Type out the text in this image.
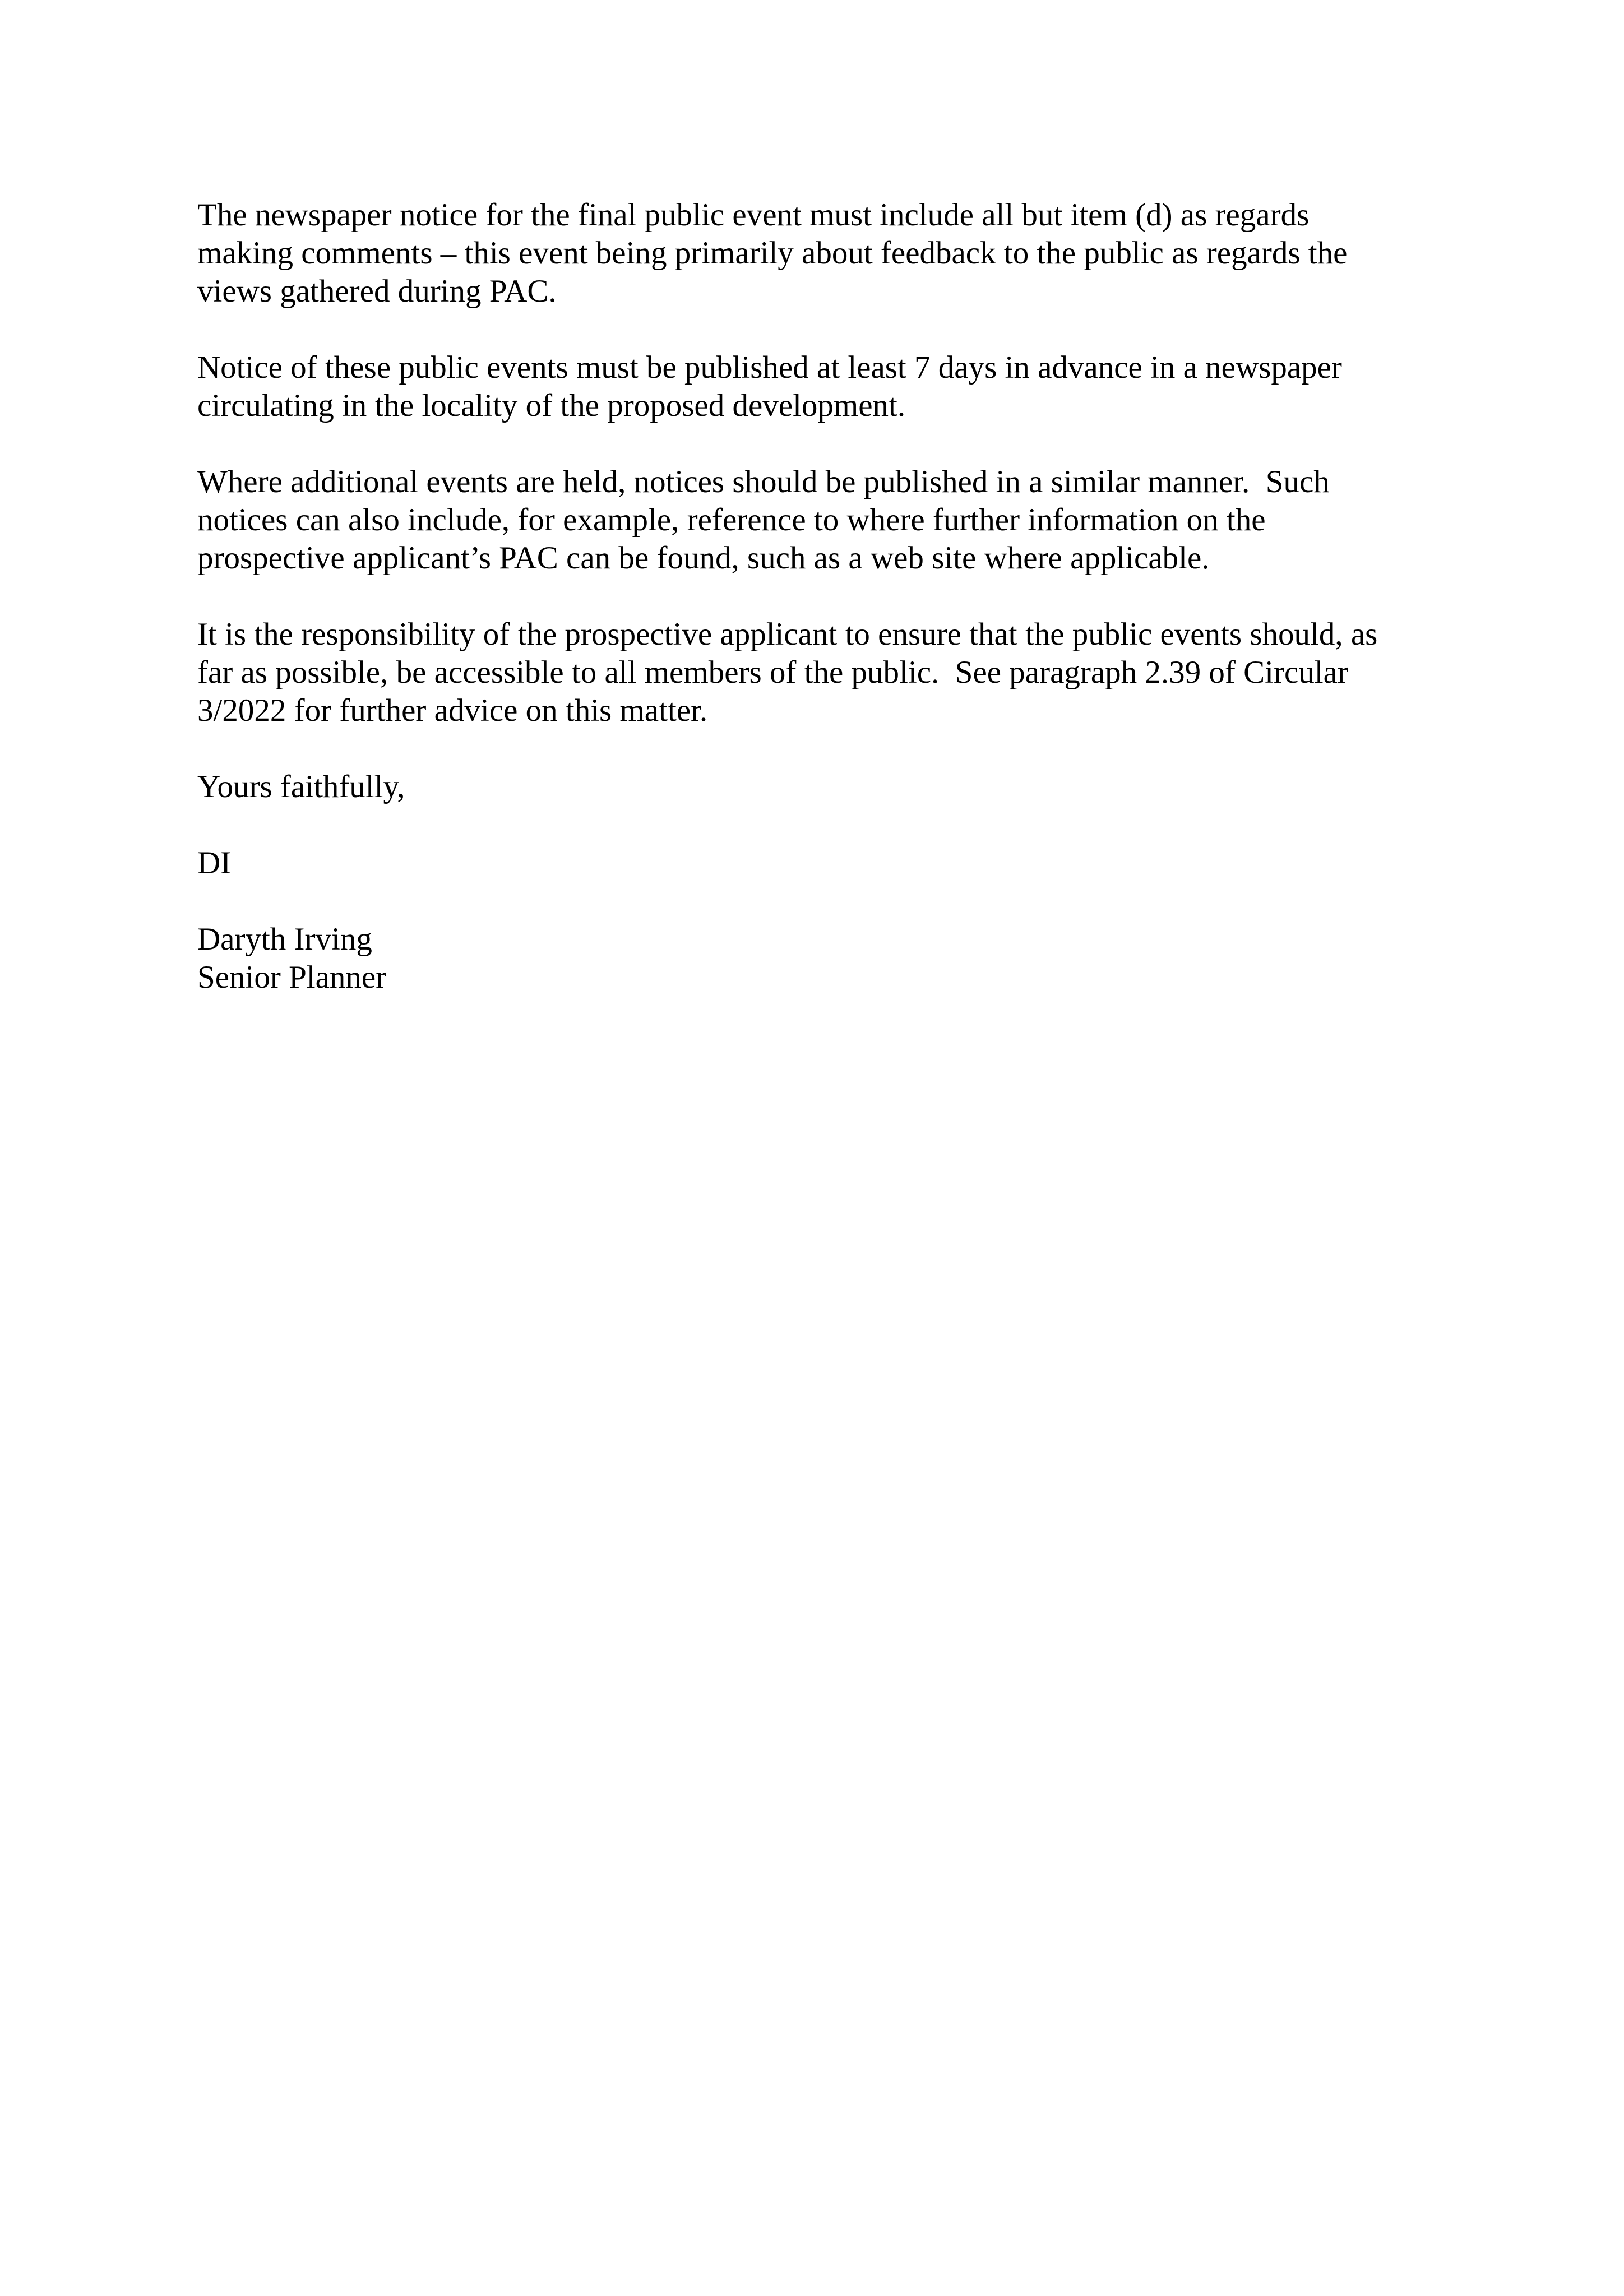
The newspaper notice for the final public event must include all but item (d) as regards
making comments – this event being primarily about feedback to the public as regards the
views gathered during PAC.

Notice of these public events must be published at least 7 days in advance in a newspaper
circulating in the locality of the proposed development.

Where additional events are held, notices should be published in a similar manner.  Such
notices can also include, for example, reference to where further information on the
prospective applicant’s PAC can be found, such as a web site where applicable.

It is the responsibility of the prospective applicant to ensure that the public events should, as
far as possible, be accessible to all members of the public.  See paragraph 2.39 of Circular
3/2022 for further advice on this matter.

Yours faithfully,

DI

Daryth Irving
Senior Planner
